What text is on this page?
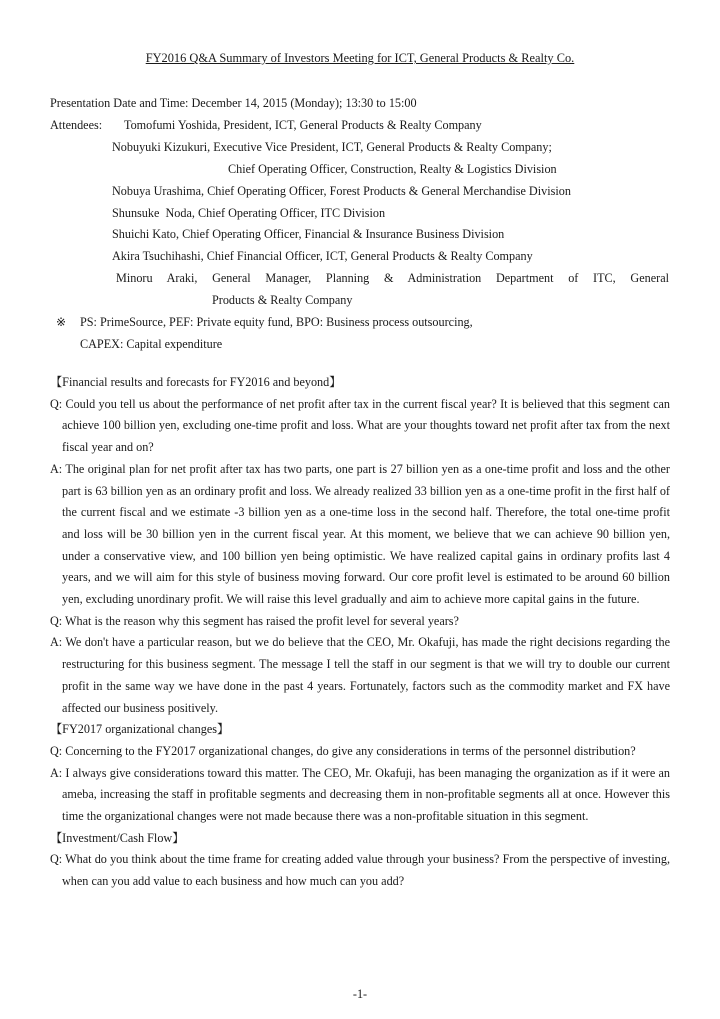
FY2016 Q&A Summary of Investors Meeting for ICT, General Products & Realty Co.
Presentation Date and Time: December 14, 2015 (Monday); 13:30 to 15:00
Attendees: Tomofumi Yoshida, President, ICT, General Products & Realty Company
Nobuyuki Kizukuri, Executive Vice President, ICT, General Products & Realty Company;
Chief Operating Officer, Construction, Realty & Logistics Division
Nobuya Urashima, Chief Operating Officer, Forest Products & General Merchandise Division
Shunsuke  Noda, Chief Operating Officer, ITC Division
Shuichi Kato, Chief Operating Officer, Financial & Insurance Business Division
Akira Tsuchihashi, Chief Financial Officer, ICT, General Products & Realty Company
Minoru Araki, General Manager, Planning & Administration Department of ITC, General
Products & Realty Company
※ PS: PrimeSource, PEF: Private equity fund, BPO: Business process outsourcing,
CAPEX: Capital expenditure

【Financial results and forecasts for FY2016 and beyond】

Q: Could you tell us about the performance of net profit after tax in the current fiscal year? It is believed that this segment can achieve 100 billion yen, excluding one-time profit and loss. What are your thoughts toward net profit after tax from the next fiscal year and on?

A: The original plan for net profit after tax has two parts, one part is 27 billion yen as a one-time profit and loss and the other part is 63 billion yen as an ordinary profit and loss. We already realized 33 billion yen as a one-time profit in the first half of the current fiscal and we estimate -3 billion yen as a one-time loss in the second half. Therefore, the total one-time profit and loss will be 30 billion yen in the current fiscal year. At this moment, we believe that we can achieve 90 billion yen, under a conservative view, and 100 billion yen being optimistic. We have realized capital gains in ordinary profits last 4 years, and we will aim for this style of business moving forward. Our core profit level is estimated to be around 60 billion yen, excluding unordinary profit. We will raise this level gradually and aim to achieve more capital gains in the future.

Q: What is the reason why this segment has raised the profit level for several years?

A: We don't have a particular reason, but we do believe that the CEO, Mr. Okafuji, has made the right decisions regarding the restructuring for this business segment. The message I tell the staff in our segment is that we will try to double our current profit in the same way we have done in the past 4 years. Fortunately, factors such as the commodity market and FX have affected our business positively.

【FY2017 organizational changes】

Q: Concerning to the FY2017 organizational changes, do give any considerations in terms of the personnel distribution?

A: I always give considerations toward this matter. The CEO, Mr. Okafuji, has been managing the organization as if it were an ameba, increasing the staff in profitable segments and decreasing them in non-profitable segments all at once. However this time the organizational changes were not made because there was a non-profitable situation in this segment.

【Investment/Cash Flow】

Q: What do you think about the time frame for creating added value through your business? From the perspective of investing, when can you add value to each business and how much can you add?

-1-
